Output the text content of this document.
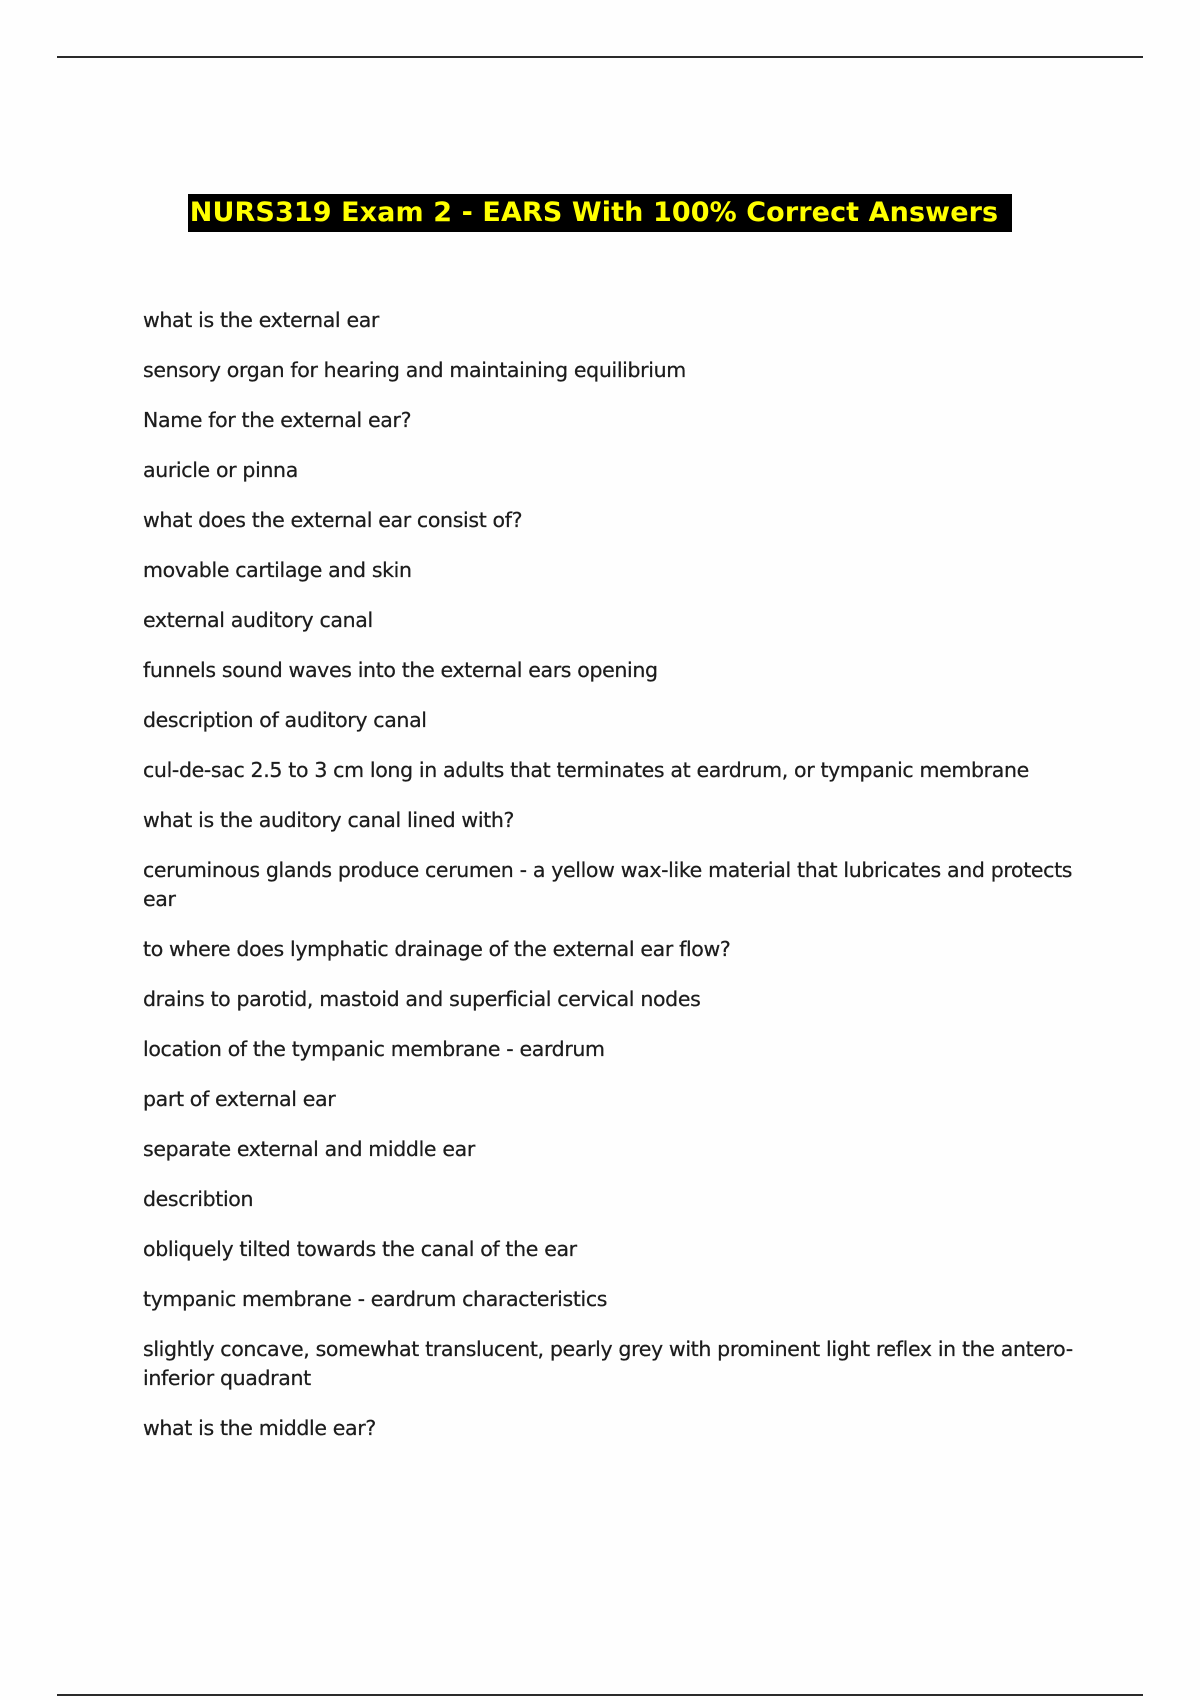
NURS319 Exam 2 - EARS With 100% Correct Answers
what is the external ear
sensory organ for hearing and maintaining equilibrium
Name for the external ear?
auricle or pinna
what does the external ear consist of?
movable cartilage and skin
external auditory canal
funnels sound waves into the external ears opening
description of auditory canal
cul-de-sac 2.5 to 3 cm long in adults that terminates at eardrum, or tympanic membrane
what is the auditory canal lined with?
ceruminous glands produce cerumen - a yellow wax-like material that lubricates and protects ear
to where does lymphatic drainage of the external ear flow?
drains to parotid, mastoid and superficial cervical nodes
location of the tympanic membrane - eardrum
part of external ear
separate external and middle ear
describtion
obliquely tilted towards the canal of the ear
tympanic membrane - eardrum characteristics
slightly concave, somewhat translucent, pearly grey with prominent light reflex in the antero-inferior quadrant
what is the middle ear?
